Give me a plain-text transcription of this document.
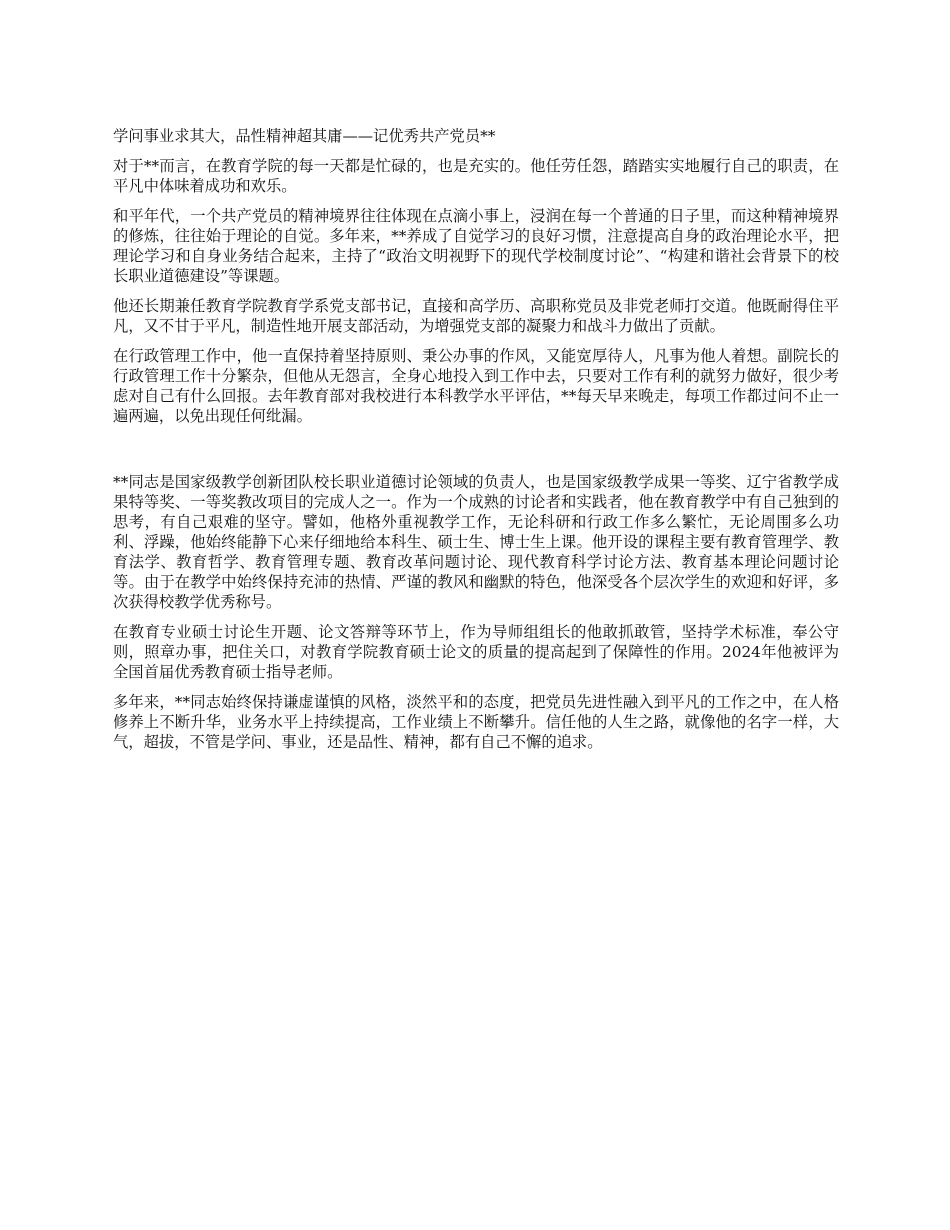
学问事业求其大，品性精神超其庸——记优秀共产党员**

对于**而言，在教育学院的每一天都是忙碌的，也是充实的。他任劳任怨，踏踏实实地履行自己的职责，在平凡中体味着成功和欢乐。

和平年代，一个共产党员的精神境界往往体现在点滴小事上，浸润在每一个普通的日子里，而这种精神境界的修炼，往往始于理论的自觉。多年来，**养成了自觉学习的良好习惯，注意提高自身的政治理论水平，把理论学习和自身业务结合起来，主持了“政治文明视野下的现代学校制度讨论”、“构建和谐社会背景下的校长职业道德建设”等课题。

他还长期兼任教育学院教育学系党支部书记，直接和高学历、高职称党员及非党老师打交道。他既耐得住平凡，又不甘于平凡，制造性地开展支部活动，为增强党支部的凝聚力和战斗力做出了贡献。

在行政管理工作中，他一直保持着坚持原则、秉公办事的作风，又能宽厚待人，凡事为他人着想。副院长的行政管理工作十分繁杂，但他从无怨言，全身心地投入到工作中去，只要对工作有利的就努力做好，很少考虑对自己有什么回报。去年教育部对我校进行本科教学水平评估，**每天早来晚走，每项工作都过问不止一遍两遍，以免出现任何纰漏。

**同志是国家级教学创新团队校长职业道德讨论领域的负责人，也是国家级教学成果一等奖、辽宁省教学成果特等奖、一等奖教改项目的完成人之一。作为一个成熟的讨论者和实践者，他在教育教学中有自己独到的思考，有自己艰难的坚守。譬如，他格外重视教学工作，无论科研和行政工作多么繁忙，无论周围多么功利、浮躁，他始终能静下心来仔细地给本科生、硕士生、博士生上课。他开设的课程主要有教育管理学、教育法学、教育哲学、教育管理专题、教育改革问题讨论、现代教育科学讨论方法、教育基本理论问题讨论等。由于在教学中始终保持充沛的热情、严谨的教风和幽默的特色，他深受各个层次学生的欢迎和好评，多次获得校教学优秀称号。

在教育专业硕士讨论生开题、论文答辩等环节上，作为导师组组长的他敢抓敢管，坚持学术标准，奉公守则，照章办事，把住关口，对教育学院教育硕士论文的质量的提高起到了保障性的作用。2024年他被评为全国首届优秀教育硕士指导老师。

多年来，**同志始终保持谦虚谨慎的风格，淡然平和的态度，把党员先进性融入到平凡的工作之中，在人格修养上不断升华，业务水平上持续提高，工作业绩上不断攀升。信任他的人生之路，就像他的名字一样，大气，超拔，不管是学问、事业，还是品性、精神，都有自己不懈的追求。
